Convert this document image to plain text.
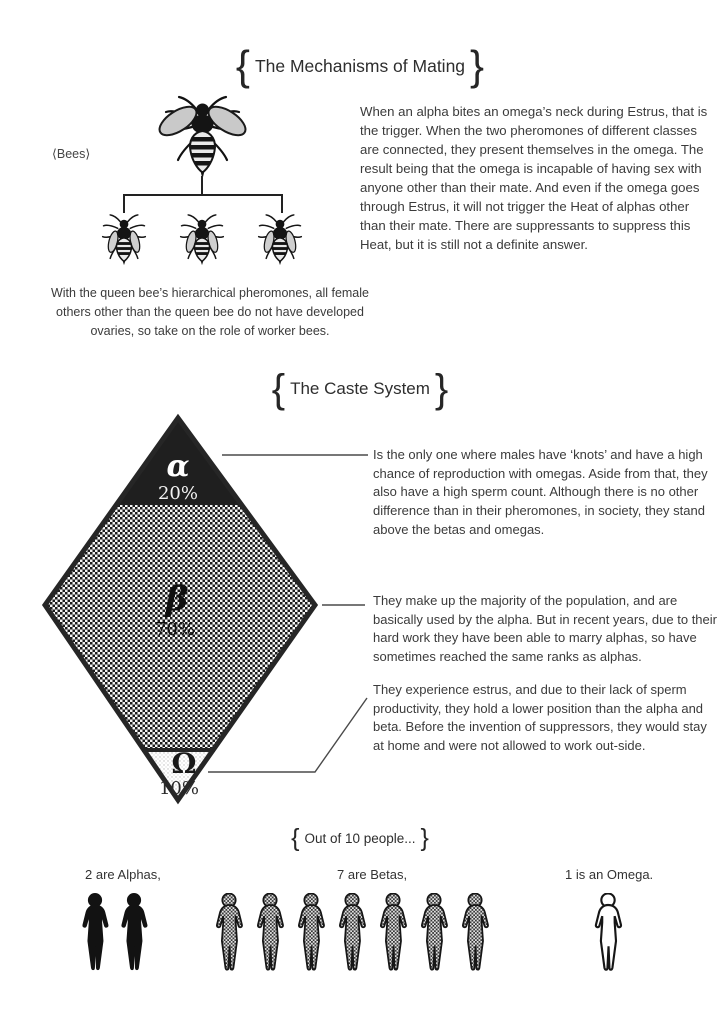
{ The Mechanisms of Mating }
⟨Bees⟩
When an alpha bites an omega’s neck during Estrus, that is the trigger. When the two pheromones of different classes are connected, they present themselves in the omega. The result being that the omega is incapable of having sex with anyone other than their mate. And even if the omega goes through Estrus, it will not trigger the Heat of alphas other than their mate. There are suppressants to suppress this Heat, but it is still not a definite answer.
With the queen bee’s hierarchical pheromones, all female others other than the queen bee do not have developed ovaries, so take on the role of worker bees.
{ The Caste System }
α
20%
β
70%
Ω
10%
Is the only one where males have ‘knots’ and have a high chance of reproduction with omegas. Aside from that, they also have a high sperm count. Although there is no other difference than in their pheromones, in society, they stand above the betas and omegas.
They make up the majority of the population, and are basically used by the alpha. But in recent years, due to their hard work they have been able to marry alphas, so have sometimes reached the same ranks as alphas.
They experience estrus, and due to their lack of sperm productivity, they hold a lower position than the alpha and beta. Before the invention of suppressors, they would stay at home and were not allowed to work out-side.
{ Out of 10 people... }
2 are Alphas,	7 are Betas,	1 is an Omega.
